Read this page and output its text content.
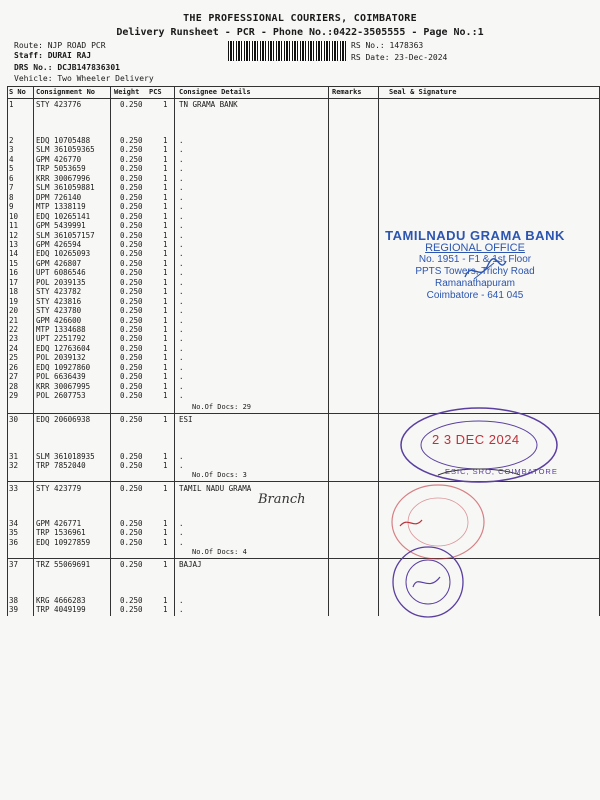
THE PROFESSIONAL COURIERS, COIMBATORE
Delivery Runsheet - PCR - Phone No.:0422-3505555 - Page No.:1
Route: NJP ROAD PCR
Staff: DURAI RAJ
DRS No.: DCJB147836301
Vehicle: Two Wheeler Delivery
RS No.: 1478363
RS Date: 23-Dec-2024
S No Consignment No	Weight PCS Consignee Details	Remarks	Seal & Signature
1	STY 423776	0.250	1 TN GRAMA BANK
2	EDQ 10705488	0.250	1 .
3	SLM 361059365	0.250	1 .
4	GPM 426770	0.250	1 .
5	TRP 5053659	0.250	1 .
6	KRR 30067996	0.250	1 .
7	SLM 361059881	0.250	1 .
8	DPM 726140	0.250	1 .
9	MTP 1338119	0.250	1 .
10 EDQ 10265141	0.250	1 .
11 GPM 5439991	0.250	1 .
12 SLM 361057157	0.250	1 .
13 GPM 426594	0.250	1 .
14 EDQ 10265093	0.250	1 .
15 GPM 426807	0.250	1 .
16 UPT 6086546	0.250	1 .
17 POL 2039135	0.250	1 .
18 STY 423782	0.250	1 .
19 STY 423816	0.250	1 .
20 STY 423780	0.250	1 .
21 GPM 426600	0.250	1 .
22 MTP 1334688	0.250	1 .
23 UPT 2251792	0.250	1 .
24 EDQ 12763604	0.250	1 .
25 POL 2039132	0.250	1 .
26 EDQ 10927860	0.250	1 .
27 POL 6636439	0.250	1 .
28 KRR 30067995	0.250	1 .
29 POL 2607753	0.250	1 .
30 EDQ 20606938	0.250	1 ESI
31 SLM 361018935	0.250	1 .
32 TRP 7852040	0.250	1 .
33 STY 423779	0.250	1 TAMIL NADU GRAMA
34 GPM 426771	0.250	1 .
35 TRP 1536961	0.250	1 .
36 EDQ 10927859	0.250	1 .
37 TRZ 55069691	0.250	1 BAJAJ
38 KRG 4666283	0.250	1 .
39 TRP 4049199	0.250	1 .
No.Of Docs: 29
No.Of Docs: 3
No.Of Docs: 4
TAMILNADU GRAMA BANK
REGIONAL OFFICE
No. 1951 - F1 & 1st Floor
PPTS Towers, Trichy Road
Ramanathapuram
Coimbatore - 641 045
2 3 DEC 2024
ESIC, SRO, COIMBATORE
Branch
